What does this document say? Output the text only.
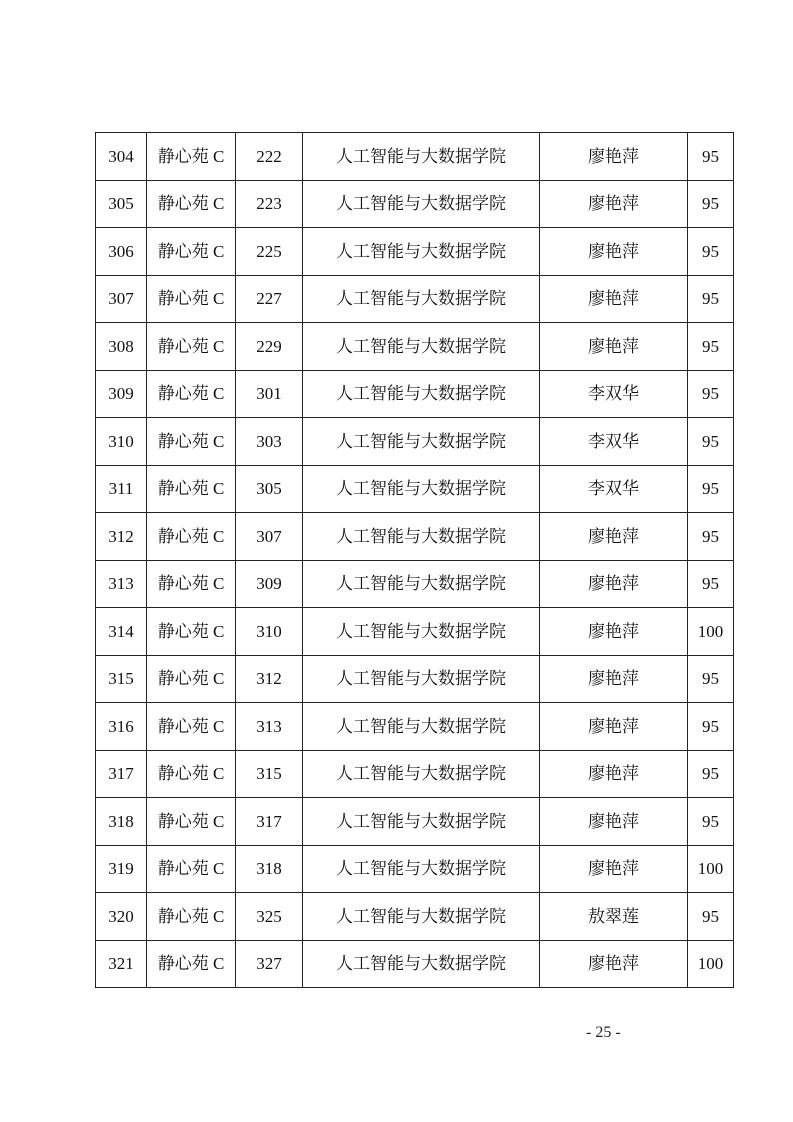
304	静心苑 C	222	人工智能与大数据学院	廖艳萍	95
305	静心苑 C	223	人工智能与大数据学院	廖艳萍	95
306	静心苑 C	225	人工智能与大数据学院	廖艳萍	95
307	静心苑 C	227	人工智能与大数据学院	廖艳萍	95
308	静心苑 C	229	人工智能与大数据学院	廖艳萍	95
309	静心苑 C	301	人工智能与大数据学院	李双华	95
310	静心苑 C	303	人工智能与大数据学院	李双华	95
311	静心苑 C	305	人工智能与大数据学院	李双华	95
312	静心苑 C	307	人工智能与大数据学院	廖艳萍	95
313	静心苑 C	309	人工智能与大数据学院	廖艳萍	95
314	静心苑 C	310	人工智能与大数据学院	廖艳萍	100
315	静心苑 C	312	人工智能与大数据学院	廖艳萍	95
316	静心苑 C	313	人工智能与大数据学院	廖艳萍	95
317	静心苑 C	315	人工智能与大数据学院	廖艳萍	95
318	静心苑 C	317	人工智能与大数据学院	廖艳萍	95
319	静心苑 C	318	人工智能与大数据学院	廖艳萍	100
320	静心苑 C	325	人工智能与大数据学院	敖翠莲	95
321	静心苑 C	327	人工智能与大数据学院	廖艳萍	100
- 25 -
